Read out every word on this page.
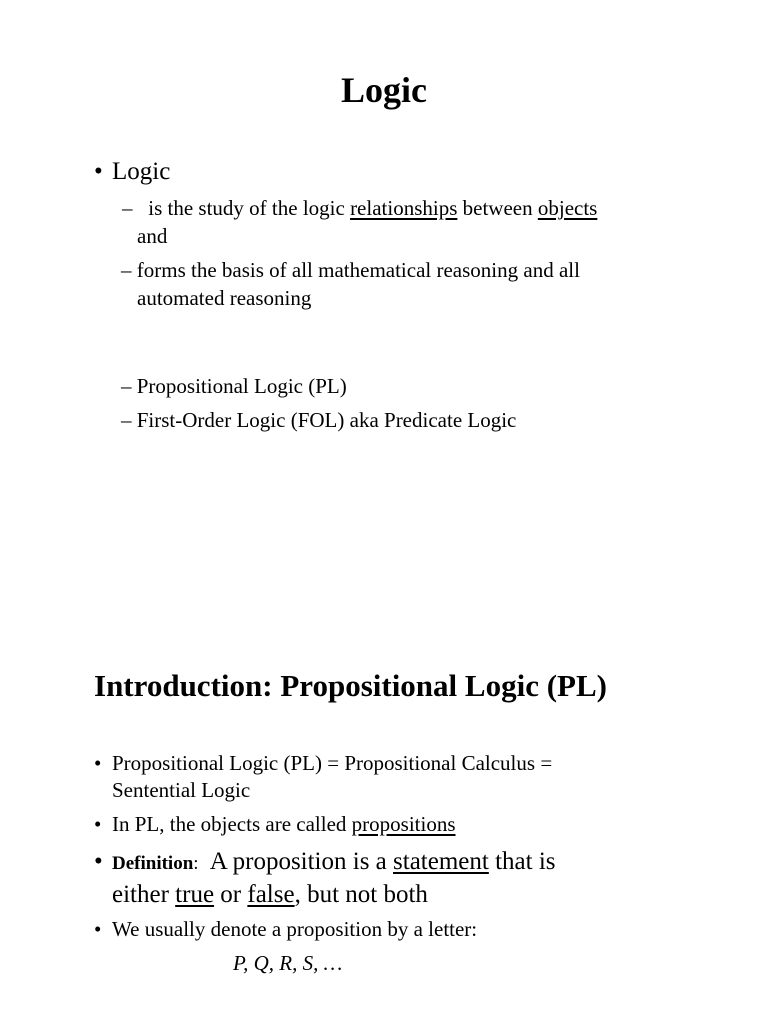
Logic
• Logic
– is the study of the logic relationships between objects
and
– forms the basis of all mathematical reasoning and all
automated reasoning
– Propositional Logic (PL)
– First-Order Logic (FOL) aka Predicate Logic
Introduction: Propositional Logic (PL)
• Propositional Logic (PL) = Propositional Calculus =
Sentential Logic
• In PL, the objects are called propositions
• Definition: A proposition is a statement that is
either true or false, but not both
• We usually denote a proposition by a letter:
P, Q, R, S, …
